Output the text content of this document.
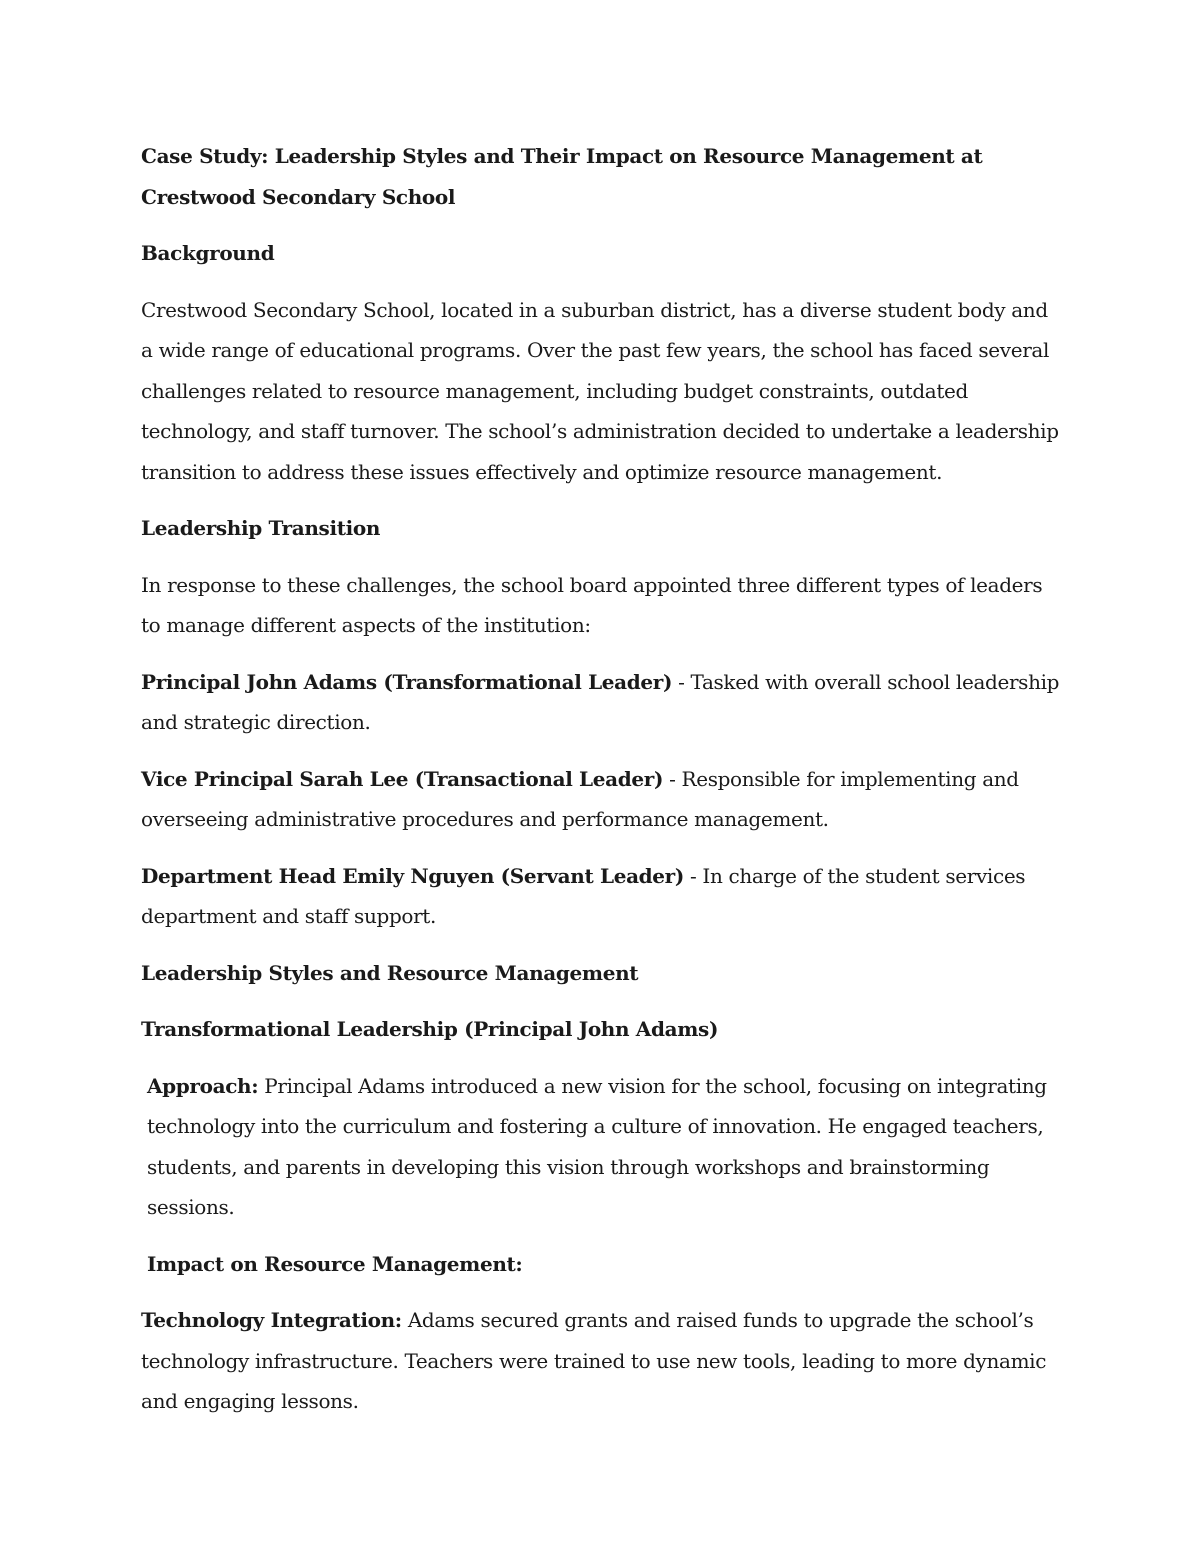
Case Study: Leadership Styles and Their Impact on Resource Management at Crestwood Secondary School

Background

Crestwood Secondary School, located in a suburban district, has a diverse student body and a wide range of educational programs. Over the past few years, the school has faced several challenges related to resource management, including budget constraints, outdated technology, and staff turnover. The school’s administration decided to undertake a leadership transition to address these issues effectively and optimize resource management.

Leadership Transition

In response to these challenges, the school board appointed three different types of leaders to manage different aspects of the institution:

Principal John Adams (Transformational Leader) - Tasked with overall school leadership and strategic direction.

Vice Principal Sarah Lee (Transactional Leader) - Responsible for implementing and overseeing administrative procedures and performance management.

Department Head Emily Nguyen (Servant Leader) - In charge of the student services department and staff support.

Leadership Styles and Resource Management

Transformational Leadership (Principal John Adams)

Approach: Principal Adams introduced a new vision for the school, focusing on integrating technology into the curriculum and fostering a culture of innovation. He engaged teachers, students, and parents in developing this vision through workshops and brainstorming sessions.

Impact on Resource Management:

Technology Integration: Adams secured grants and raised funds to upgrade the school’s technology infrastructure. Teachers were trained to use new tools, leading to more dynamic and engaging lessons.
